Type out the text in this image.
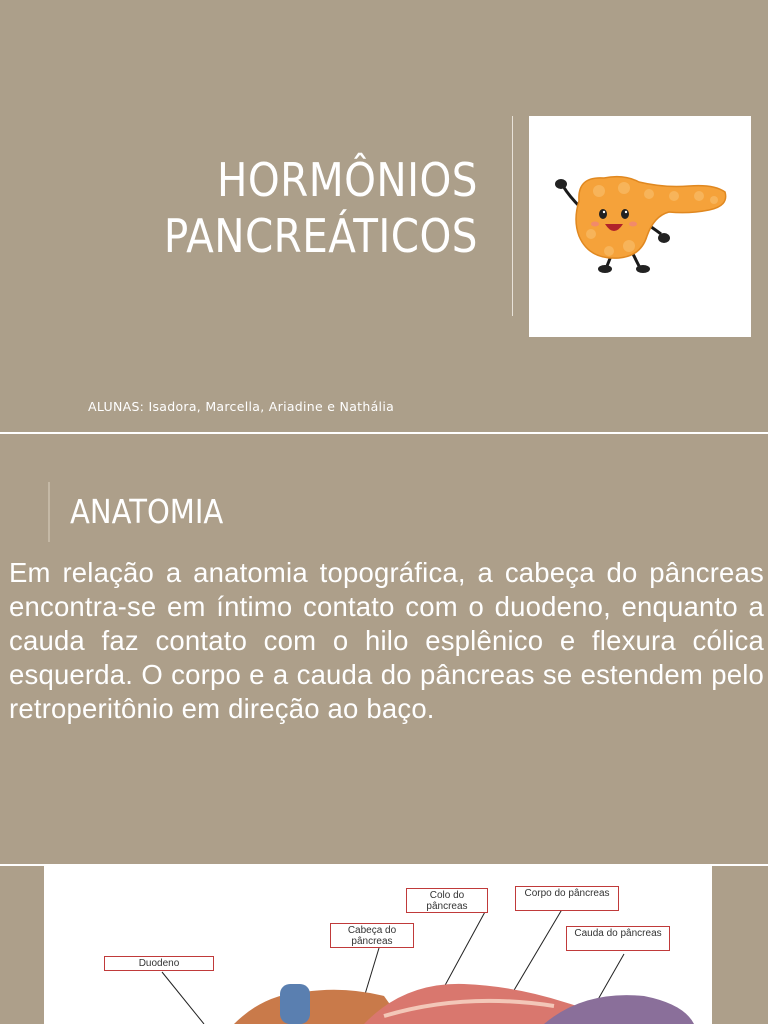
HORMÔNIOS
PANCREÁTICOS

ALUNAS: Isadora, Marcella, Ariadine e Nathália

ANATOMIA

Em relação a anatomia topográfica, a cabeça do pâncreas encontra-se em íntimo contato com o duodeno, enquanto a cauda faz contato com o hilo esplênico e flexura cólica esquerda. O corpo e a cauda do pâncreas se estendem pelo retroperitônio em direção ao baço.

Duodeno
Cabeça do pâncreas
Colo do pâncreas
Corpo do pâncreas
Cauda do pâncreas
